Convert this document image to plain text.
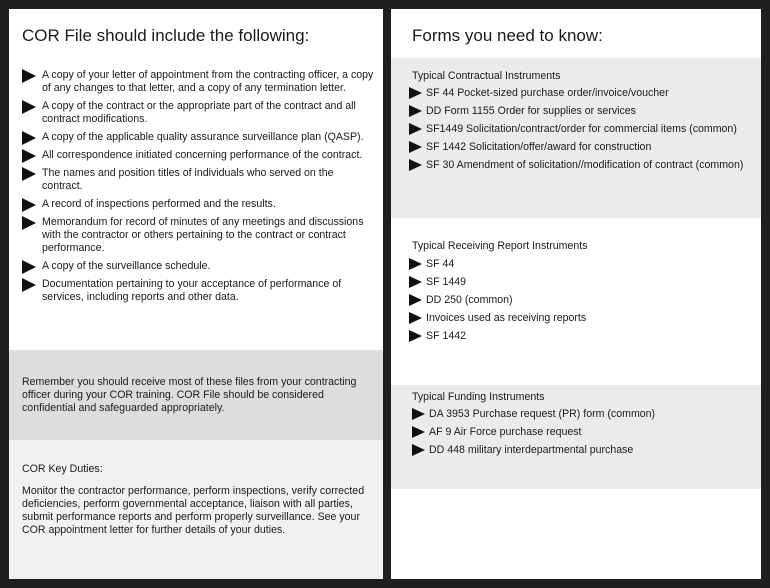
COR File should include the following:
A copy of your letter of appointment from the contracting officer, a copy of any changes to that letter, and a copy of any termination letter.
A copy of the contract or the appropriate part of the contract and all contract modifications.
A copy of the applicable quality assurance surveillance plan (QASP).
All correspondence initiated concerning performance of the contract.
The names and position titles of individuals who served on the contract.
A record of inspections performed and the results.
Memorandum for record of minutes of any meetings and discussions with the contractor or others pertaining to the contract or contract performance.
A copy of the surveillance schedule.
Documentation pertaining to your acceptance of performance of services, including reports and other data.

Remember you should receive most of these files from your contracting officer during your COR training. COR File should be considered confidential and safeguarded appropriately.

COR Key Duties:

Monitor the contractor performance, perform inspections, verify corrected deficiencies, perform governmental acceptance, liaison with all parties, submit performance reports and perform properly surveillance. See your COR appointment letter for further details of your duties.

Forms you need to know:
Typical Contractual Instruments
SF 44 Pocket-sized purchase order/invoice/voucher
DD Form 1155 Order for supplies or services
SF1449 Solicitation/contract/order for commercial items (common)
SF 1442 Solicitation/offer/award for construction
SF 30 Amendment of solicitation//modification of contract (common)
Typical Receiving Report Instruments
SF 44
SF 1449
DD 250 (common)
Invoices used as receiving reports
SF 1442
Typical Funding Instruments
DA 3953 Purchase request (PR) form (common)
AF 9 Air Force purchase request
DD 448 military interdepartmental purchase
